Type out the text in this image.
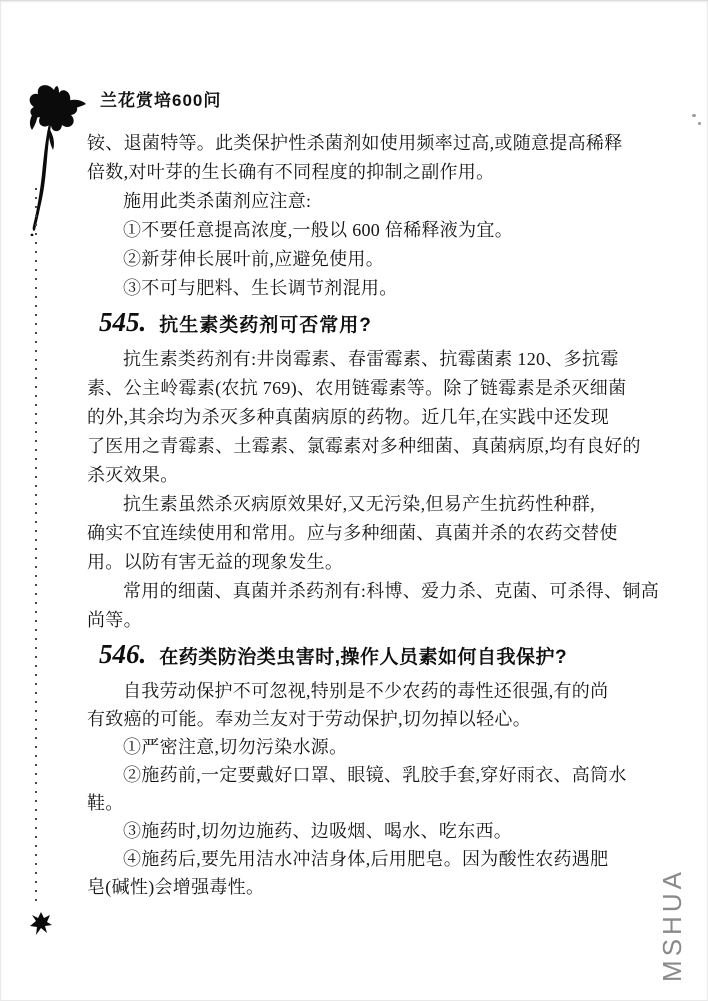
兰花赏培600问
铵、退菌特等。此类保护性杀菌剂如使用频率过高,或随意提高稀释
倍数,对叶芽的生长确有不同程度的抑制之副作用。
施用此类杀菌剂应注意:
①不要任意提高浓度,一般以 600 倍稀释液为宜。
②新芽伸长展叶前,应避免使用。
③不可与肥料、生长调节剂混用。
545. 抗生素类药剂可否常用?
抗生素类药剂有:井岗霉素、春雷霉素、抗霉菌素 120、多抗霉
素、公主岭霉素(农抗 769)、农用链霉素等。除了链霉素是杀灭细菌
的外,其余均为杀灭多种真菌病原的药物。近几年,在实践中还发现
了医用之青霉素、土霉素、氯霉素对多种细菌、真菌病原,均有良好的
杀灭效果。
抗生素虽然杀灭病原效果好,又无污染,但易产生抗药性种群,
确实不宜连续使用和常用。应与多种细菌、真菌并杀的农药交替使
用。以防有害无益的现象发生。
常用的细菌、真菌并杀药剂有:科博、爱力杀、克菌、可杀得、铜高
尚等。
546. 在药类防治类虫害时,操作人员素如何自我保护?
自我劳动保护不可忽视,特别是不少农药的毒性还很强,有的尚
有致癌的可能。奉劝兰友对于劳动保护,切勿掉以轻心。
①严密注意,切勿污染水源。
②施药前,一定要戴好口罩、眼镜、乳胶手套,穿好雨衣、高筒水
鞋。
③施药时,切勿边施药、边吸烟、喝水、吃东西。
④施药后,要先用洁水冲洁身体,后用肥皂。因为酸性农药遇肥
皂(碱性)会增强毒性。	MSHUA
